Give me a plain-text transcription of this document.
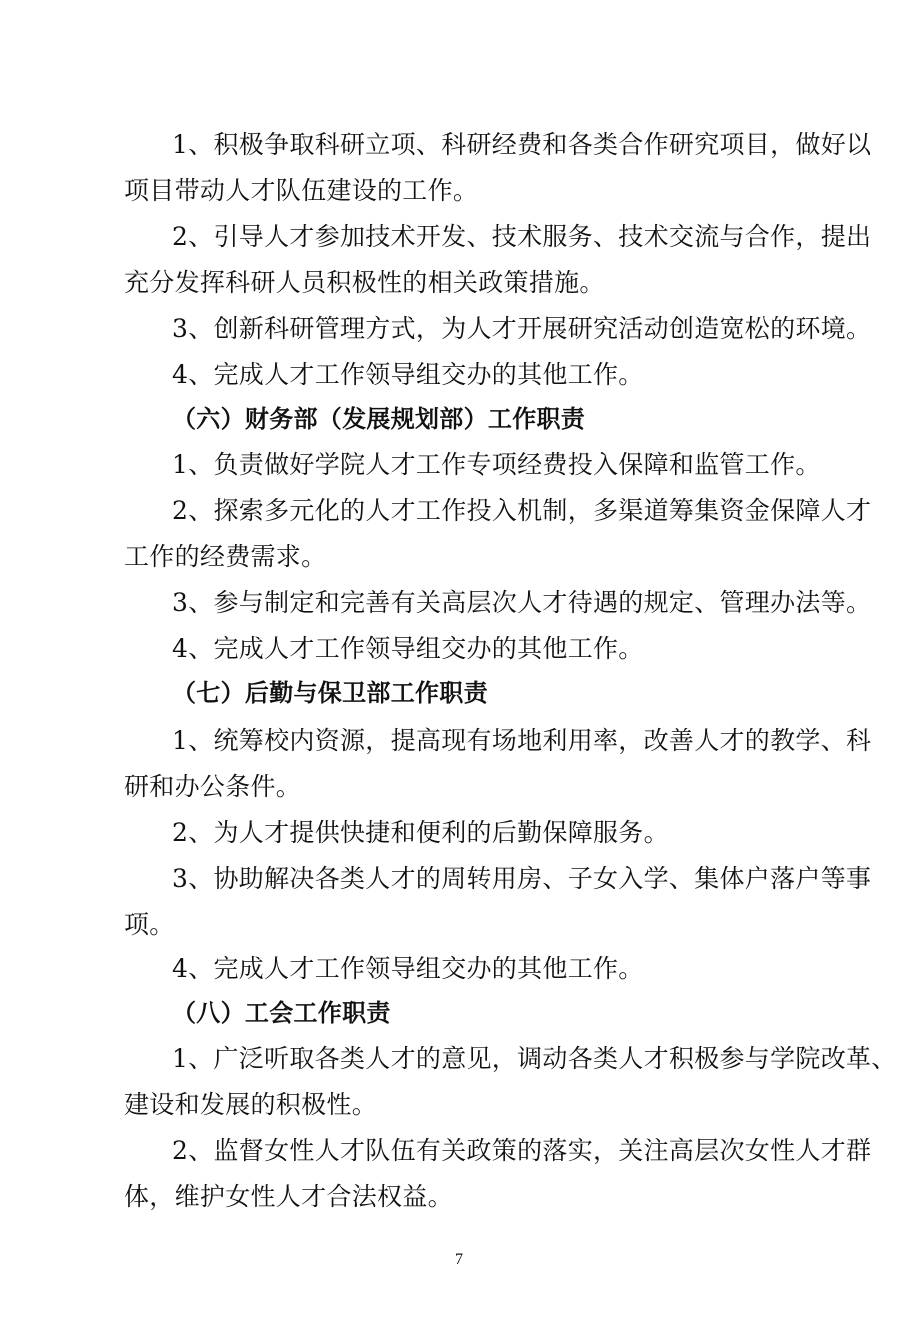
1、积极争取科研立项、科研经费和各类合作研究项目，做好以
项目带动人才队伍建设的工作。
2、引导人才参加技术开发、技术服务、技术交流与合作，提出
充分发挥科研人员积极性的相关政策措施。
3、创新科研管理方式，为人才开展研究活动创造宽松的环境。
4、完成人才工作领导组交办的其他工作。
（六）财务部（发展规划部）工作职责
1、负责做好学院人才工作专项经费投入保障和监管工作。
2、探索多元化的人才工作投入机制，多渠道筹集资金保障人才
工作的经费需求。
3、参与制定和完善有关高层次人才待遇的规定、管理办法等。
4、完成人才工作领导组交办的其他工作。
（七）后勤与保卫部工作职责
1、统筹校内资源，提高现有场地利用率，改善人才的教学、科
研和办公条件。
2、为人才提供快捷和便利的后勤保障服务。
3、协助解决各类人才的周转用房、子女入学、集体户落户等事
项。
4、完成人才工作领导组交办的其他工作。
（八）工会工作职责
1、广泛听取各类人才的意见，调动各类人才积极参与学院改革、
建设和发展的积极性。
2、监督女性人才队伍有关政策的落实，关注高层次女性人才群
体，维护女性人才合法权益。
7
